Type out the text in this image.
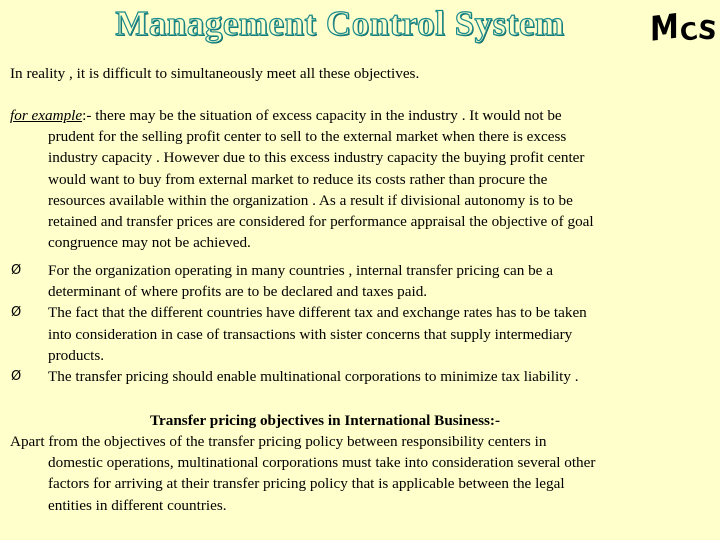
Management Control System	M C
S
In reality , it is difficult to simultaneously meet all these objectives.
for example:- there may be the situation of excess capacity in the industry . It would not be
prudent for the selling profit center to sell to the external market when there is excess
industry capacity . However due to this excess industry capacity the buying profit center
would want to buy from external market to reduce its costs rather than procure the
resources available within the organization . As a result if divisional autonomy is to be
retained and transfer prices are considered for performance appraisal the objective of goal
congruence may not be achieved.
Ø	For the organization operating in many countries , internal transfer pricing can be a
determinant of where profits are to be declared and taxes paid.
Ø	The fact that the different countries have different tax and exchange rates has to be taken
into consideration in case of transactions with sister concerns that supply intermediary
products.
Ø	The transfer pricing should enable multinational corporations to minimize tax liability .
Transfer pricing objectives in International Business:-
Apart from the objectives of the transfer pricing policy between responsibility centers in
domestic operations, multinational corporations must take into consideration several other
factors for arriving at their transfer pricing policy that is applicable between the legal
entities in different countries.
